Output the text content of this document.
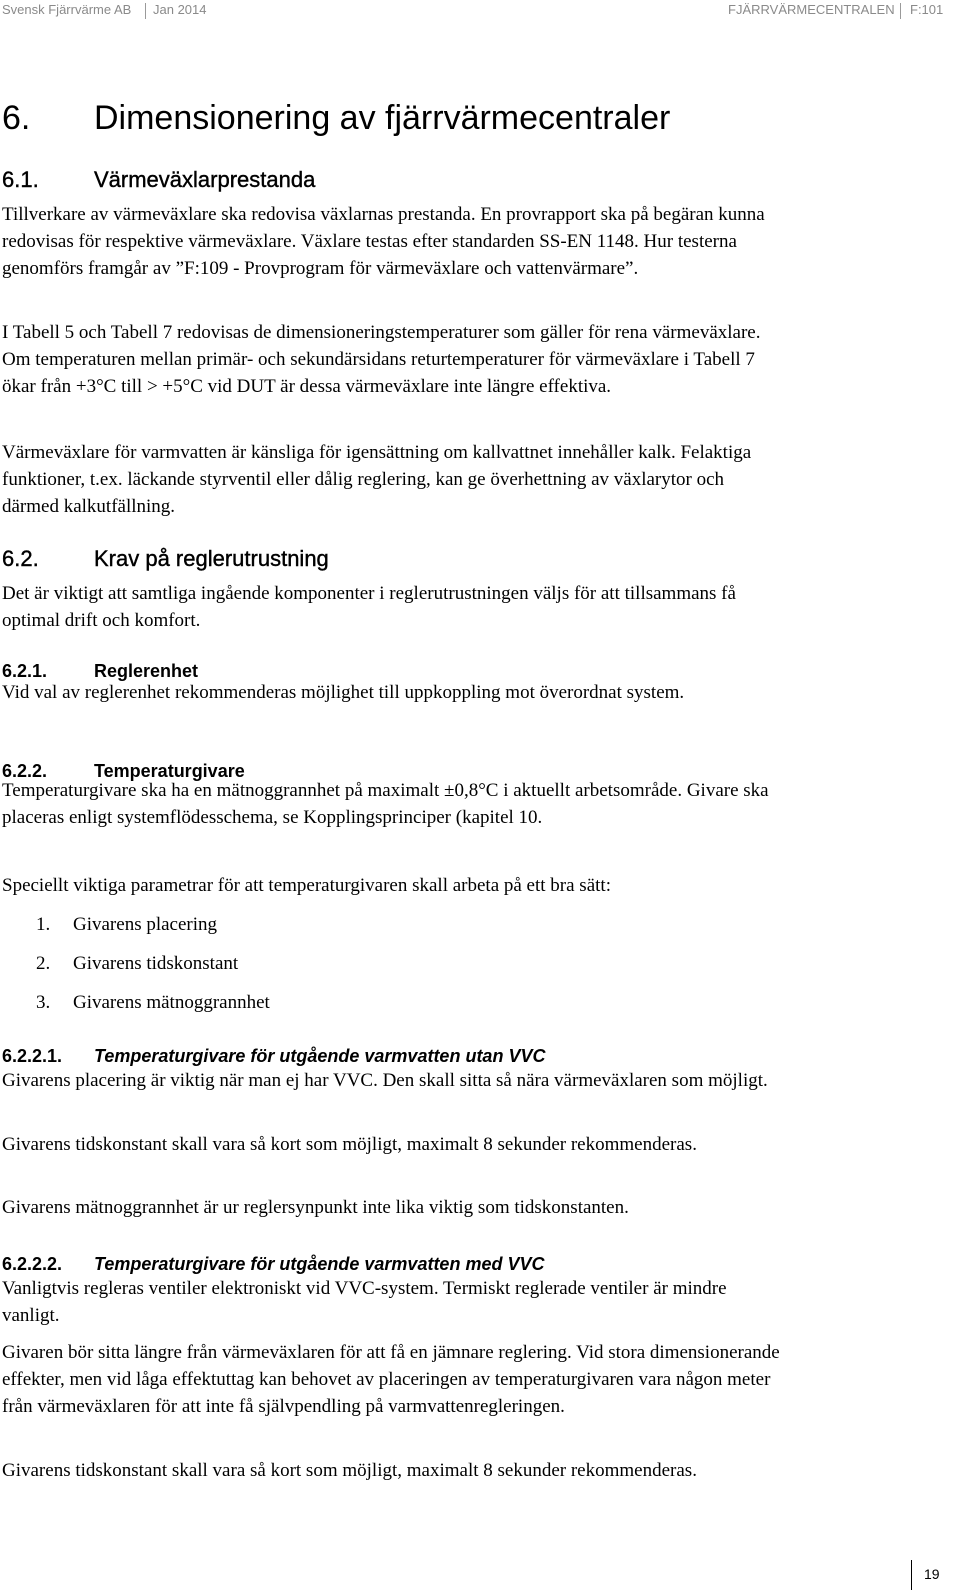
Svensk Fjärrvärme AB Jan 2014	FJÄRRVÄRMECENTRALEN F:101
6. Dimensionering av fjärrvärmecentraler
6.1.	Värmeväxlarprestanda

Tillverkare av värmeväxlare ska redovisa växlarnas prestanda. En provrapport ska på begäran kunna redovisas för respektive värmeväxlare. Växlare testas efter standarden SS-EN 1148. Hur testerna genomförs framgår av ”F:109 - Provprogram för värmeväxlare och vattenvärmare”.

I Tabell 5 och Tabell 7 redovisas de dimensioneringstemperaturer som gäller för rena värmeväxlare. Om temperaturen mellan primär- och sekundärsidans returtemperaturer för värmeväxlare i Tabell 7 ökar från +3°C till > +5°C vid DUT är dessa värmeväxlare inte längre effektiva.

Värmeväxlare för varmvatten är känsliga för igensättning om kallvattnet innehåller kalk. Felaktiga funktioner, t.ex. läckande styrventil eller dålig reglering, kan ge överhettning av växlarytor och därmed kalkutfällning.

6.2.	Krav på reglerutrustning

Det är viktigt att samtliga ingående komponenter i reglerutrustningen väljs för att tillsammans få optimal drift och komfort.

6.2.1.	Reglerenhet

Vid val av reglerenhet rekommenderas möjlighet till uppkoppling mot överordnat system.

6.2.2.	Temperaturgivare

Temperaturgivare ska ha en mätnoggrannhet på maximalt ±0,8°C i aktuellt arbetsområde. Givare ska placeras enligt systemflödesschema, se Kopplingsprinciper (kapitel 10.

Speciellt viktiga parametrar för att temperaturgivaren skall arbeta på ett bra sätt:

1. Givarens placering
2. Givarens tidskonstant
3. Givarens mätnoggrannhet
6.2.2.1. Temperaturgivare för utgående varmvatten utan VVC

Givarens placering är viktig när man ej har VVC. Den skall sitta så nära värmeväxlaren som möjligt.

Givarens tidskonstant skall vara så kort som möjligt, maximalt 8 sekunder rekommenderas.

Givarens mätnoggrannhet är ur reglersynpunkt inte lika viktig som tidskonstanten.

6.2.2.2. Temperaturgivare för utgående varmvatten med VVC

Vanligtvis regleras ventiler elektroniskt vid VVC-system. Termiskt reglerade ventiler är mindre vanligt.

Givaren bör sitta längre från värmeväxlaren för att få en jämnare reglering. Vid stora dimensionerande effekter, men vid låga effektuttag kan behovet av placeringen av temperaturgivaren vara någon meter från värmeväxlaren för att inte få självpendling på varmvattenregleringen.

Givarens tidskonstant skall vara så kort som möjligt, maximalt 8 sekunder rekommenderas.

19
